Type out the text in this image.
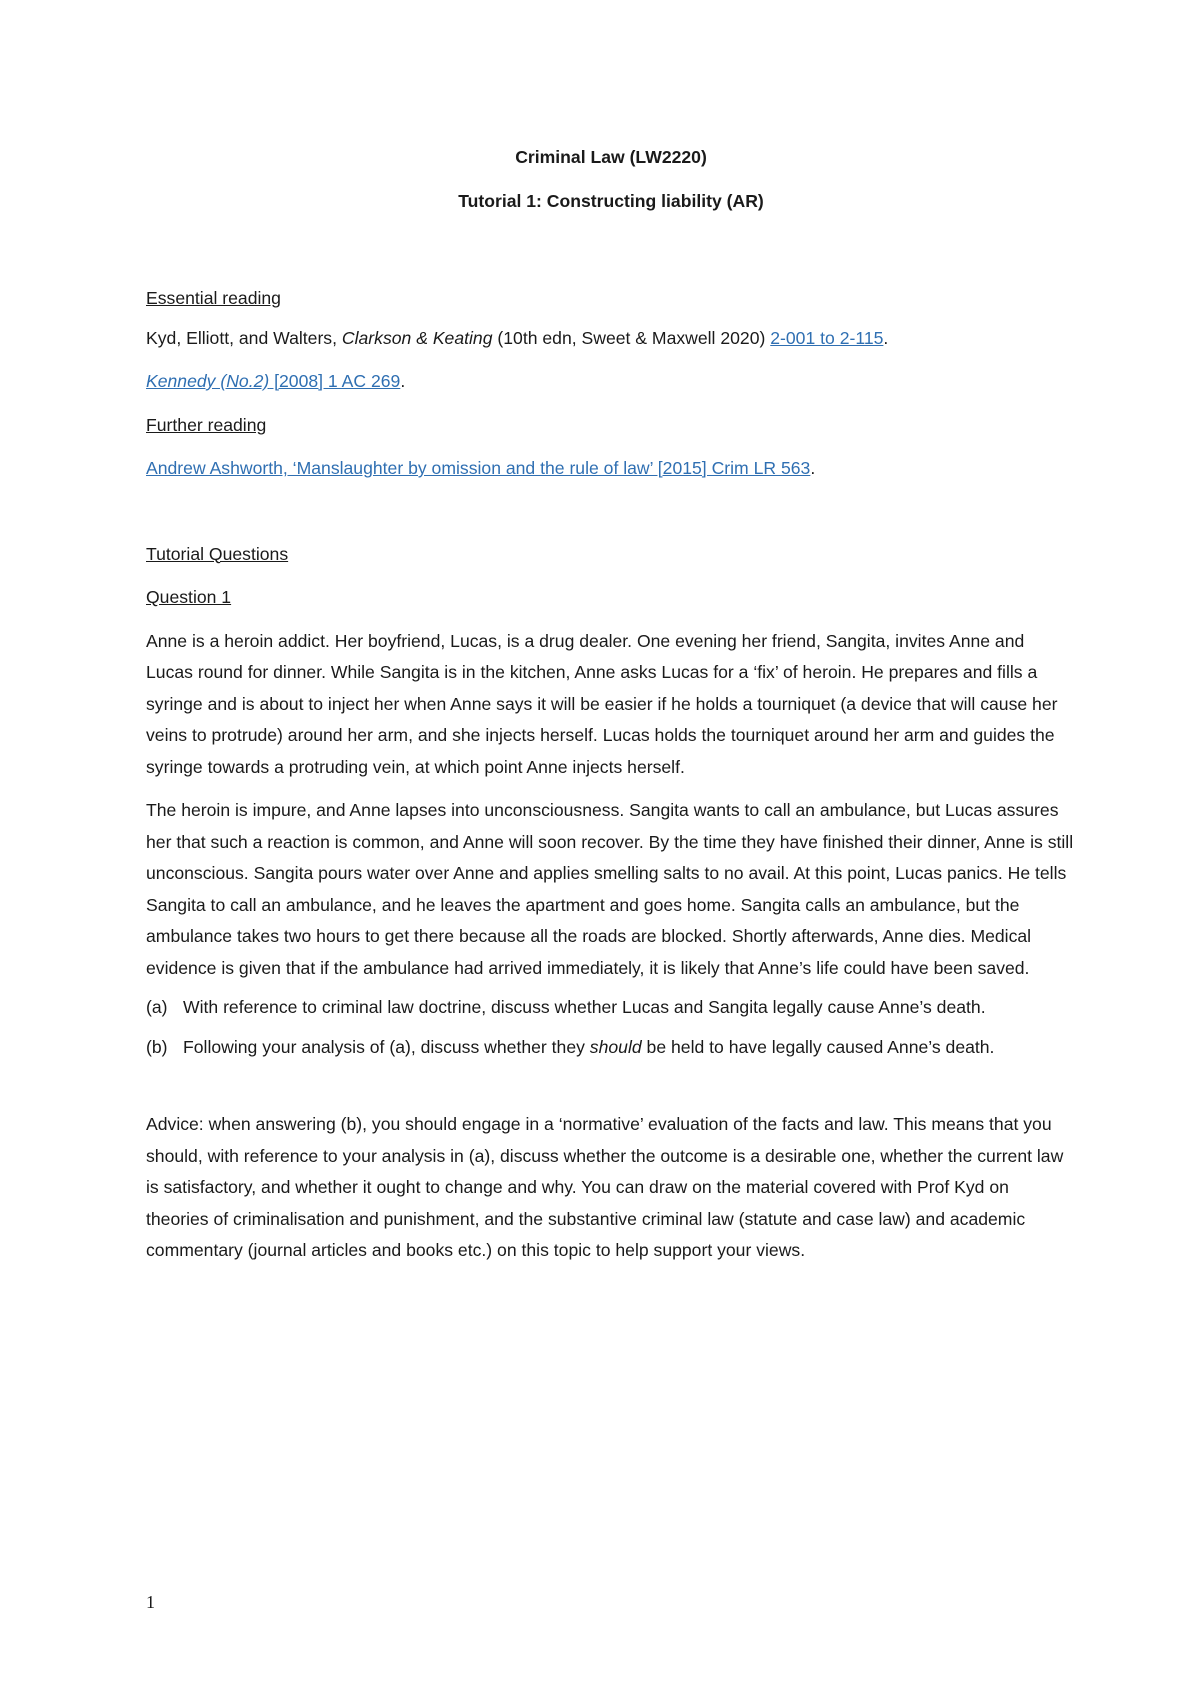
Criminal Law (LW2220)

Tutorial 1: Constructing liability (AR)

Essential reading

Kyd, Elliott, and Walters, Clarkson & Keating (10th edn, Sweet & Maxwell 2020) 2-001 to 2-115.

Kennedy (No.2) [2008] 1 AC 269.

Further reading

Andrew Ashworth, ‘Manslaughter by omission and the rule of law’ [2015] Crim LR 563.

Tutorial Questions

Question 1

Anne is a heroin addict. Her boyfriend, Lucas, is a drug dealer. One evening her friend, Sangita, invites Anne and Lucas round for dinner. While Sangita is in the kitchen, Anne asks Lucas for a ‘fix’ of heroin. He prepares and fills a syringe and is about to inject her when Anne says it will be easier if he holds a tourniquet (a device that will cause her veins to protrude) around her arm, and she injects herself. Lucas holds the tourniquet around her arm and guides the syringe towards a protruding vein, at which point Anne injects herself.

The heroin is impure, and Anne lapses into unconsciousness. Sangita wants to call an ambulance, but Lucas assures her that such a reaction is common, and Anne will soon recover. By the time they have finished their dinner, Anne is still unconscious. Sangita pours water over Anne and applies smelling salts to no avail. At this point, Lucas panics. He tells Sangita to call an ambulance, and he leaves the apartment and goes home. Sangita calls an ambulance, but the ambulance takes two hours to get there because all the roads are blocked. Shortly afterwards, Anne dies. Medical evidence is given that if the ambulance had arrived immediately, it is likely that Anne’s life could have been saved.

(a) With reference to criminal law doctrine, discuss whether Lucas and Sangita legally cause Anne’s death.
(b) Following your analysis of (a), discuss whether they should be held to have legally caused Anne’s death.

Advice: when answering (b), you should engage in a ‘normative’ evaluation of the facts and law. This means that you should, with reference to your analysis in (a), discuss whether the outcome is a desirable one, whether the current law is satisfactory, and whether it ought to change and why. You can draw on the material covered with Prof Kyd on theories of criminalisation and punishment, and the substantive criminal law (statute and case law) and academic commentary (journal articles and books etc.) on this topic to help support your views.

1
